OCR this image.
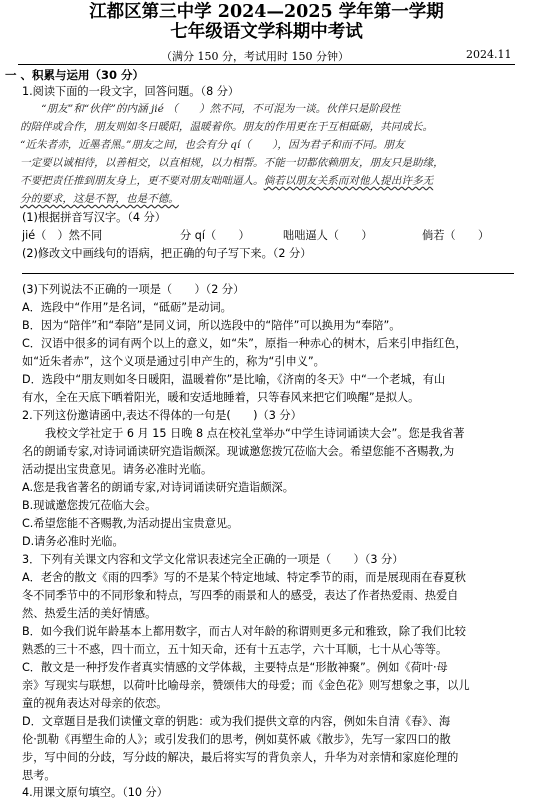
江都区第三中学 2024—2025 学年第一学期
七年级语文学科期中考试
（满分 150 分，考试用时 150 分钟）	2024.11
一 、积累与运用（30 分）
1.阅读下面的一段文字，回答问题。（8 分）
　　“朋友”和“伙伴”的内涵 jié （　　）然不同，不可混为一谈。伙伴只是阶段性
的陪伴或合作，朋友则如冬日暖阳，温暖着你。朋友的作用更在于互相砥砺，共同成长。
“近朱者赤，近墨者黑。”朋友之间，也会有分 qí（　　），因为君子和而不同。朋友
一定要以诚相待，以善相交，以直相规，以力相帮。不能一切都依赖朋友，朋友只是助缘，
不要把责任推到朋友身上，更不要对朋友咄咄逼人。倘若以朋友关系而对他人提出许多无
分的要求，这是不智，也是不德。
(1)根据拼音写汉字。（4 分）
jié（　）然不同	分 qí（　　）	咄咄逼人（　　）	倘若（　　）
(2)修改文中画线句的语病，把正确的句子写下来。（2 分）
(3)下列说法不正确的一项是（　　）（2 分）
A．选段中“作用”是名词，“砥砺”是动词。
B．因为“陪伴”和“奉陪”是同义词，所以选段中的“陪伴”可以换用为“奉陪”。
C．汉语中很多的词有两个以上的意义，如“朱”，原指一种赤心的树木，后来引申指红色，
如“近朱者赤”，这个义项是通过引申产生的，称为“引申义”。
D．选段中“朋友则如冬日暖阳，温暖着你”是比喻，《济南的冬天》中“一个老城，有山
有水，全在天底下晒着阳光，暖和安适地睡着，只等春风来把它们唤醒”是拟人。
2.下列这份邀请函中,表达不得体的一句是(　　)（3 分）
我校文学社定于 6 月 15 日晚 8 点在校礼堂举办“中学生诗词诵读大会”。您是我省著
名的朗诵专家,对诗词诵读研究造诣颇深。现诚邀您拨冗莅临大会。希望您能不吝赐教,为
活动提出宝贵意见。请务必准时光临。
A.您是我省著名的朗诵专家,对诗词诵读研究造诣颇深。
B.现诚邀您拨冗莅临大会。
C.希望您能不吝赐教,为活动提出宝贵意见。
D.请务必准时光临。
3．下列有关课文内容和文学文化常识表述完全正确的一项是（　　）（3 分）
A．老舍的散文《雨的四季》写的不是某个特定地域、特定季节的雨，而是展现雨在春夏秋
冬不同季节中的不同形象和特点，写四季的雨景和人的感受，表达了作者热爱雨、热爱自
然、热爱生活的美好情感。
B．如今我们说年龄基本上都用数字，而古人对年龄的称谓则更多元和雅致，除了我们比较
熟悉的三十不惑，四十而立，五十知天命，还有十五志学，六十耳顺，七十从心等等。
C．散文是一种抒发作者真实情感的文学体裁，主要特点是“形散神聚”。例如《荷叶·母
亲》写现实与联想，以荷叶比喻母亲，赞颂伟大的母爱；而《金色花》则写想象之事，以儿
童的视角表达对母亲的依恋。
D．文章题目是我们读懂文章的钥匙：或为我们提供文章的内容，例如朱自清《春》、海
伦·凯勒《再塑生命的人》；或引发我们的思考，例如莫怀戚《散步》，先写一家四口的散
步，写中间的分歧，写分歧的解决，最后将实写的背负亲人，升华为对亲情和家庭伦理的
思考。
4.用课文原句填空。（10 分）
